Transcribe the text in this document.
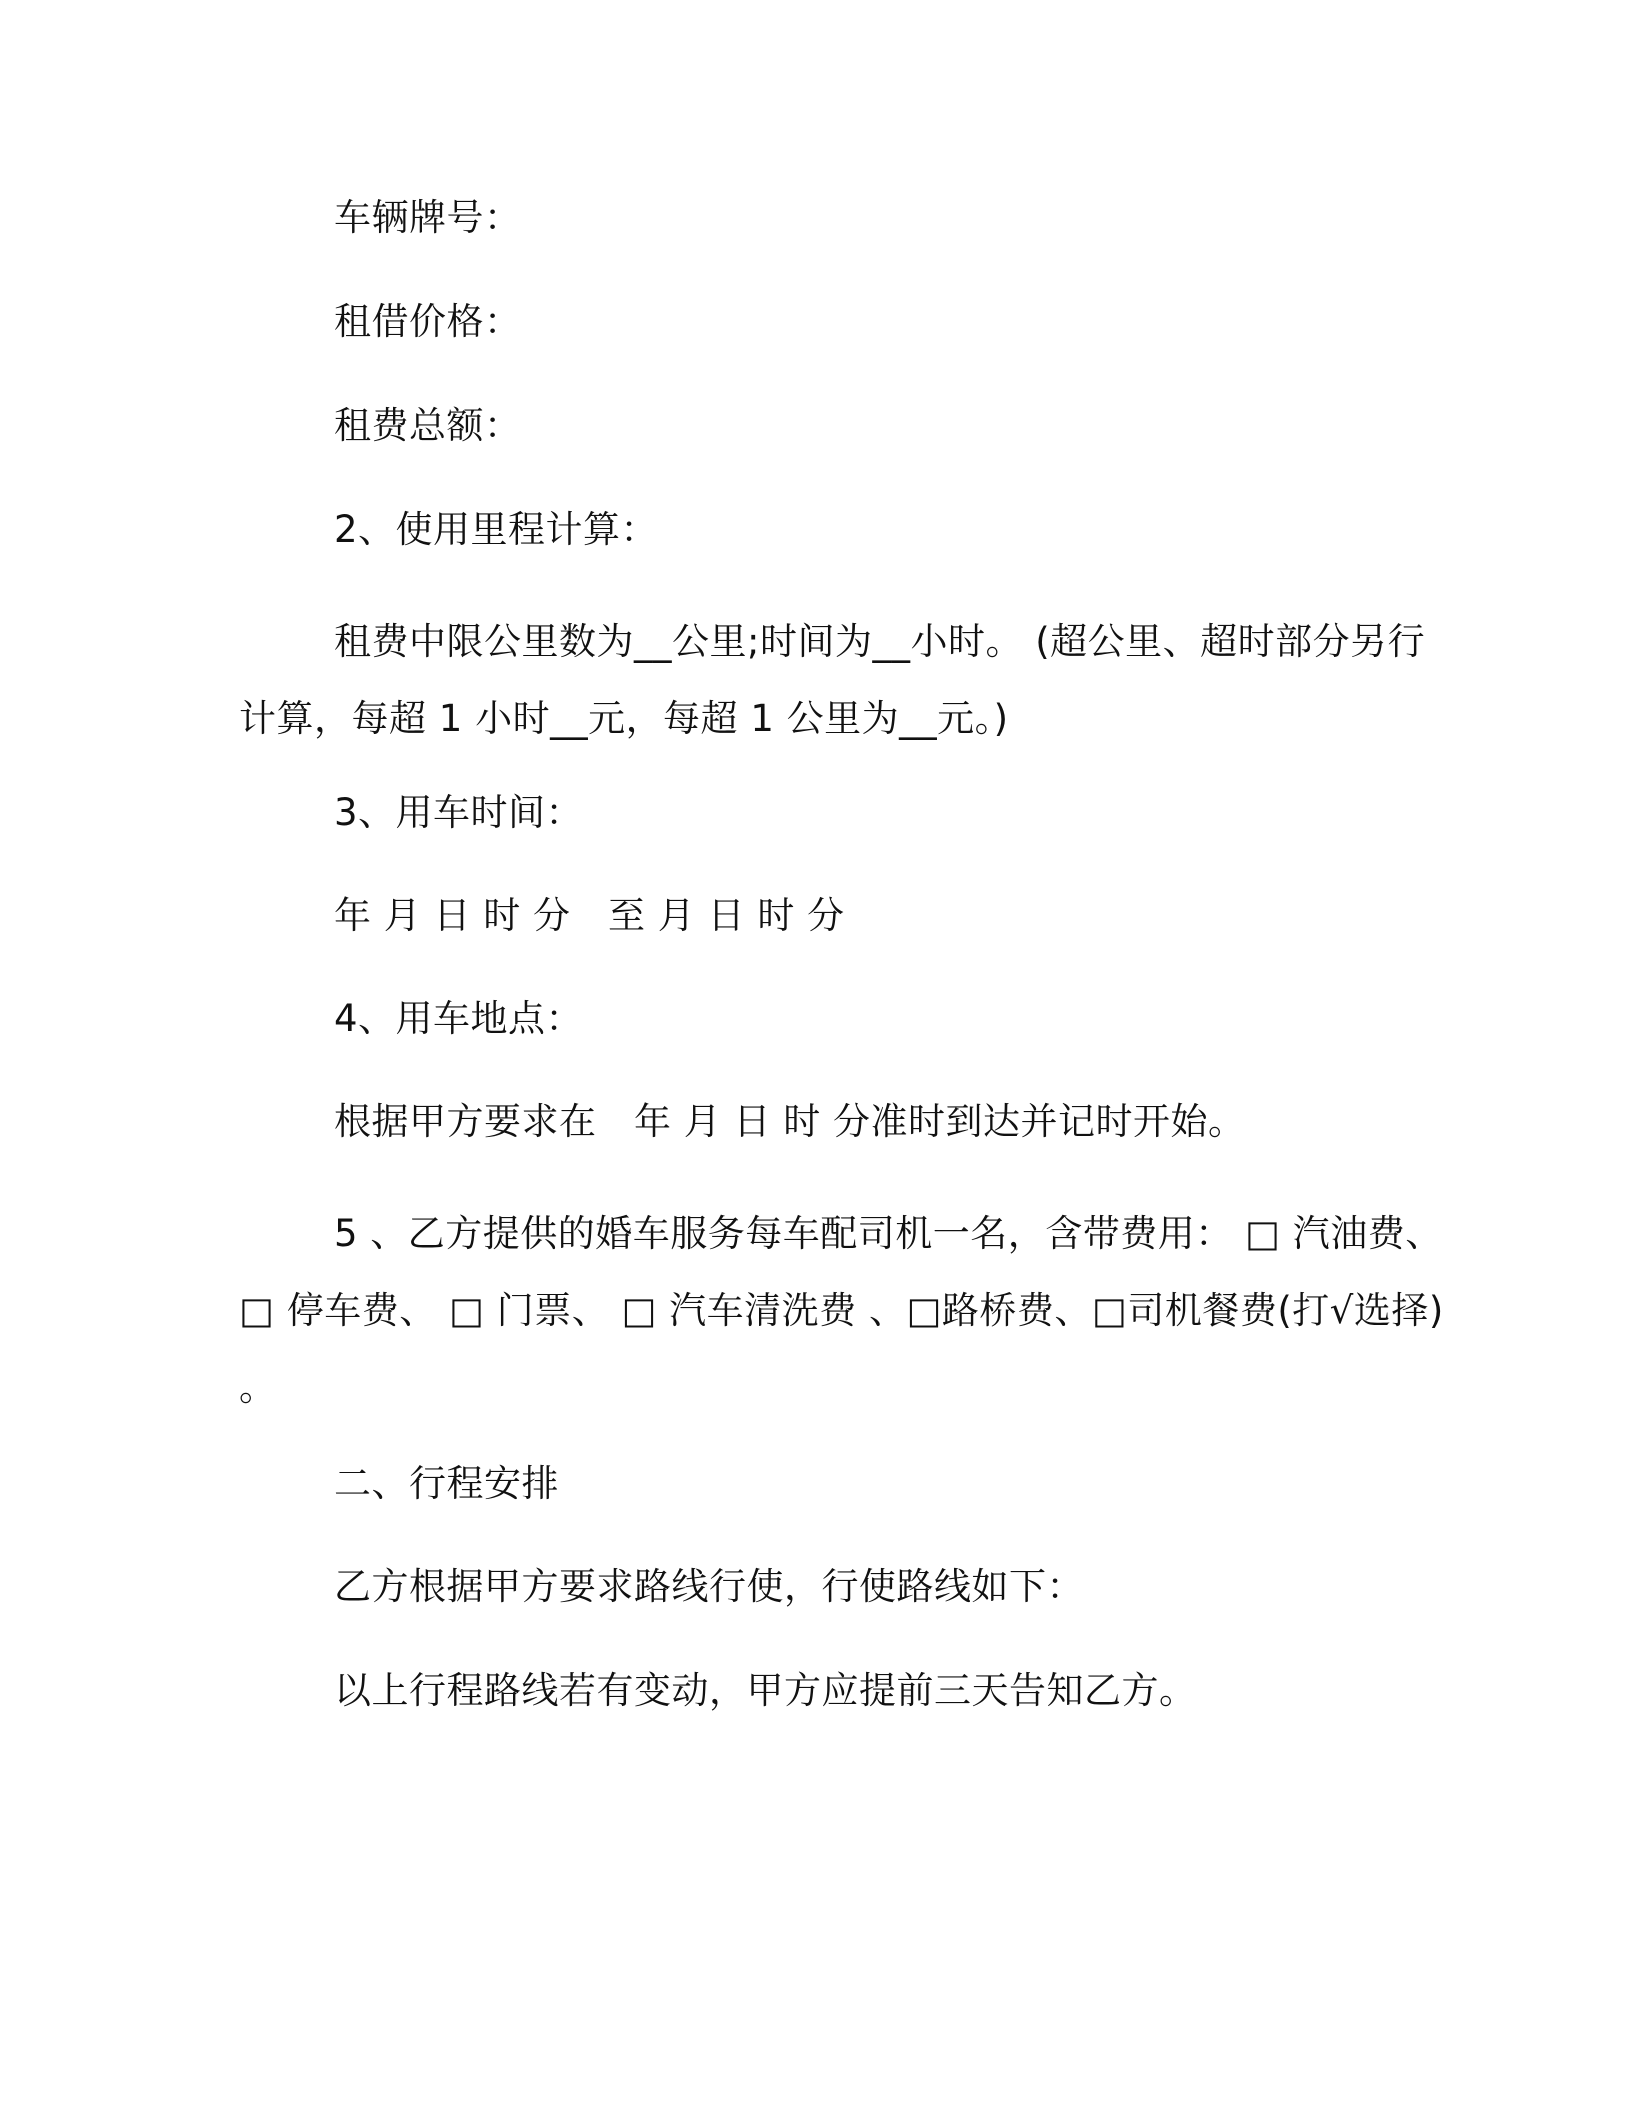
车辆牌号：
租借价格：
租费总额：
2、使用里程计算：
租费中限公里数为__公里;时间为__小时。 (超公里、超时部分另行计算，每超 1 小时__元，每超 1 公里为__元。)
3、用车时间：
年 月 日 时 分　至 月 日 时 分
4、用车地点：
根据甲方要求在　年 月 日 时 分准时到达并记时开始。
5 、乙方提供的婚车服务每车配司机一名，含带费用： □ 汽油费、 □ 停车费、 □ 门票、 □ 汽车清洗费 、□路桥费、□司机餐费(打√选择) 。
二、行程安排
乙方根据甲方要求路线行使，行使路线如下：
以上行程路线若有变动，甲方应提前三天告知乙方。
